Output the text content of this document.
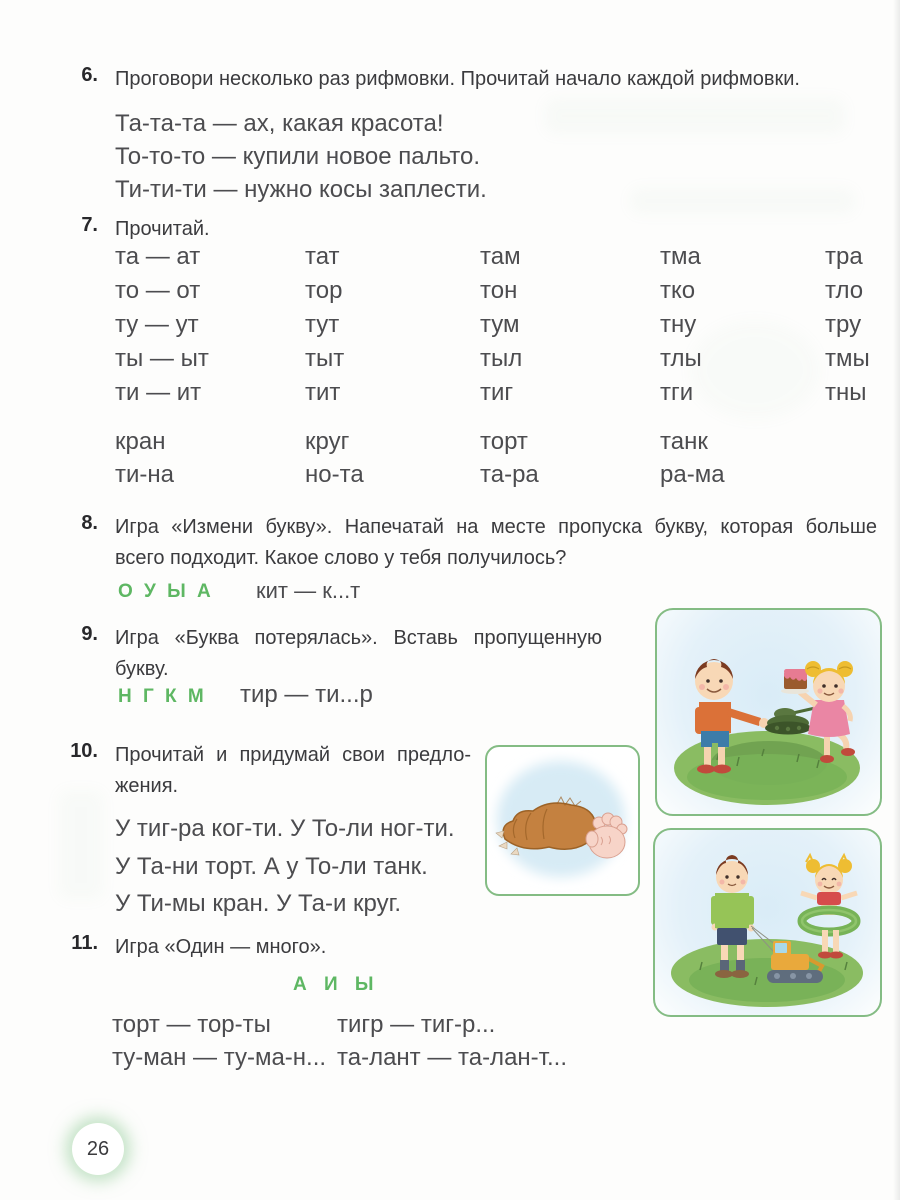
6. Проговори несколько раз рифмовки. Прочитай начало каждой рифмовки.
Та-та-та — ах, какая красота!
То-то-то — купили новое пальто.
Ти-ти-ти — нужно косы заплести.
7. Прочитай.
та — ат	тат	там	тма	тра
то — от	тор	тон	тко	тло
ту — ут	тут	тум	тну	тру
ты — ыт	тыт	тыл	тлы	тмы
ти — ит	тит	тиг	тги	тны
кран	круг	торт	танк
ти-на	но-та	та-ра	ра-ма
8. Игра «Измени букву». Напечатай на месте пропуска букву, которая больше
всего подходит. Какое слово у тебя получилось?
О У Ы А кит — к...т
9. Игра «Буква потерялась». Вставь пропущенную
букву.
Н Г К М тир — ти...р
10. Прочитай и придумай свои предло-
жения.
У тиг-ра ког-ти. У То-ли ног-ти.
У Та-ни торт. А у То-ли танк.
У Ти-мы кран. У Та-и круг.
11. Игра «Один — много».
А И Ы
торт — тор-ты	тигр — тиг-р...
ту-ман — ту-ма-н... та-лант — та-лан-т...
26
